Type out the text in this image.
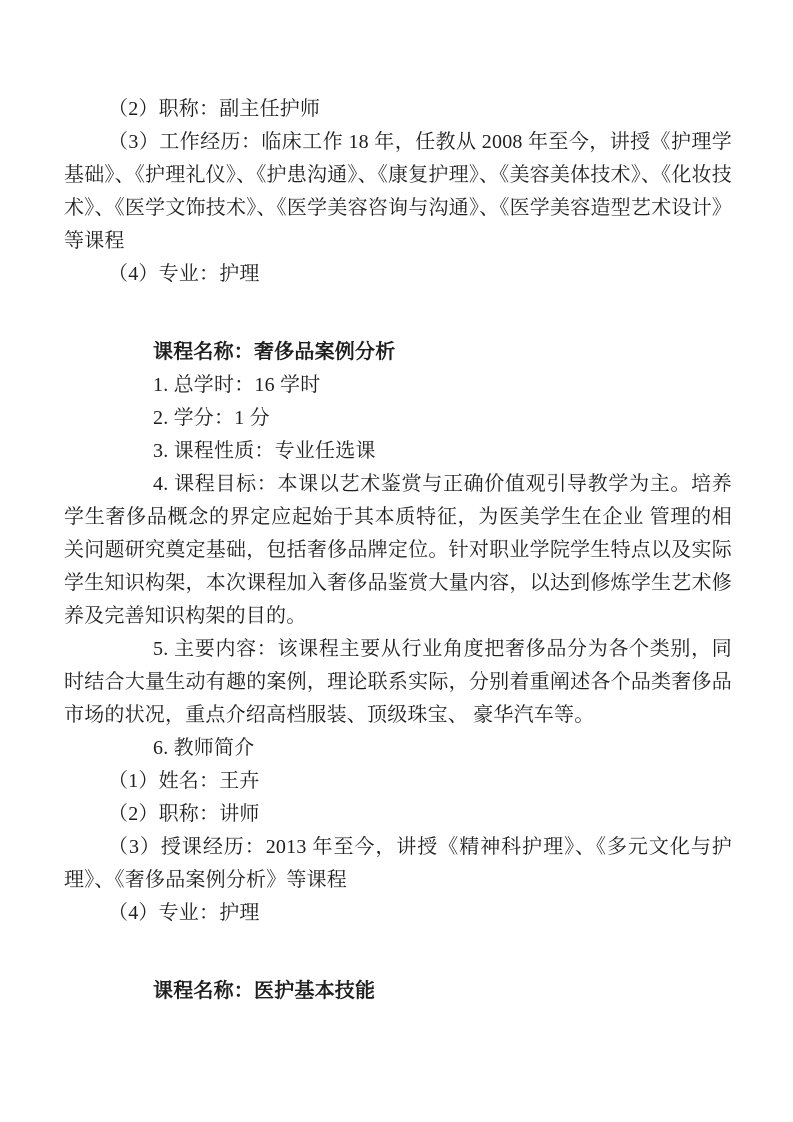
（2）职称：副主任护师

（3）工作经历：临床工作 18 年，任教从 2008 年至今，讲授《护理学基础》、《护理礼仪》、《护患沟通》、《康复护理》、《美容美体技术》、《化妆技术》、《医学文饰技术》、《医学美容咨询与沟通》、《医学美容造型艺术设计》等课程

（4）专业：护理

课程名称：奢侈品案例分析

1. 总学时：16 学时

2. 学分：1 分

3. 课程性质：专业任选课

4. 课程目标：本课以艺术鉴赏与正确价值观引导教学为主。培养学生奢侈品概念的界定应起始于其本质特征，为医美学生在企业 管理的相关问题研究奠定基础，包括奢侈品牌定位。针对职业学院学生特点以及实际学生知识构架，本次课程加入奢侈品鉴赏大量内容，以达到修炼学生艺术修养及完善知识构架的目的。

5. 主要内容：该课程主要从行业角度把奢侈品分为各个类别，同时结合大量生动有趣的案例，理论联系实际，分别着重阐述各个品类奢侈品市场的状况，重点介绍高档服装、顶级珠宝、 豪华汽车等。

6. 教师简介

（1）姓名：王卉

（2）职称：讲师

（3）授课经历：2013 年至今，讲授《精神科护理》、《多元文化与护理》、《奢侈品案例分析》等课程

（4）专业：护理

课程名称：医护基本技能
